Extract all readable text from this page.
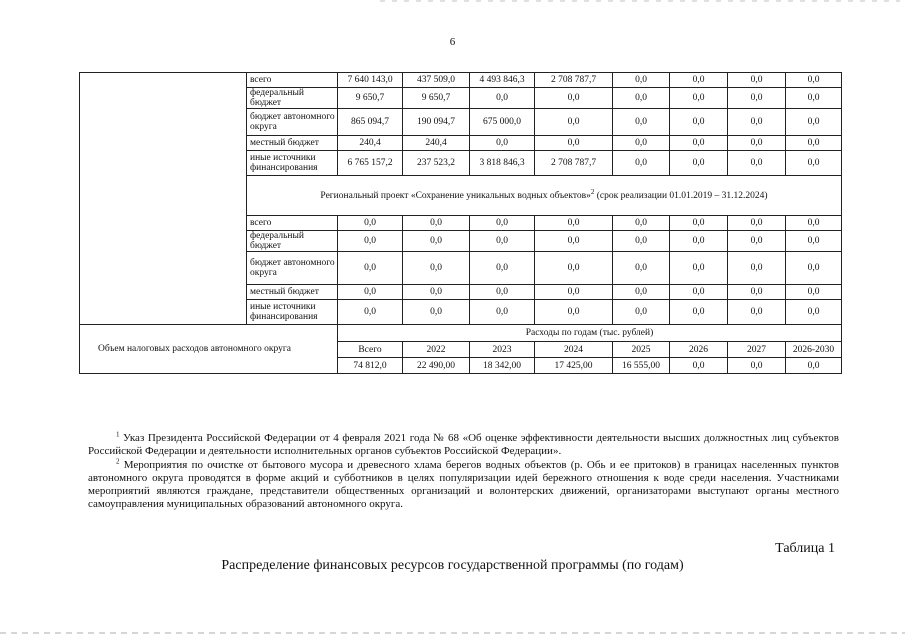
6
	всего	7 640 143,0	437 509,0	4 493 846,3	2 708 787,7	0,0	0,0	0,0	0,0
	федеральный бюджет	9 650,7	9 650,7	0,0	0,0	0,0	0,0	0,0	0,0
	бюджет автономного округа	865 094,7	190 094,7	675 000,0	0,0	0,0	0,0	0,0	0,0
	местный бюджет	240,4	240,4	0,0	0,0	0,0	0,0	0,0	0,0
	иные источники финансирования	6 765 157,2	237 523,2	3 818 846,3	2 708 787,7	0,0	0,0	0,0	0,0
	Региональный проект «Сохранение уникальных водных объектов»$^2$ (срок реализации 01.01.2019 – 31.12.2024)								
	всего	0,0	0,0	0,0	0,0	0,0	0,0	0,0	0,0
	федеральный бюджет	0,0	0,0	0,0	0,0	0,0	0,0	0,0	0,0
	бюджет автономного округа	0,0	0,0	0,0	0,0	0,0	0,0	0,0	0,0
	местный бюджет	0,0	0,0	0,0	0,0	0,0	0,0	0,0	0,0
	иные источники финансирования	0,0	0,0	0,0	0,0	0,0	0,0	0,0	0,0
Объем налоговых расходов автономного округа		Расходы по годам (тыс. рублей)							
		Всего	2022	2023	2024	2025	2026	2027	2026-2030
		74 812,0	22 490,00	18 342,00	17 425,00	16 555,00	0,0	0,0	0,0

$^1$ Указ Президента Российской Федерации от 4 февраля 2021 года № 68 «Об оценке эффективности деятельности высших должностных лиц субъектов Российской Федерации и деятельности исполнительных органов субъектов Российской Федерации».

$^2$ Мероприятия по очистке от бытового мусора и древесного хлама берегов водных объектов (р. Обь и ее притоков) в границах населенных пунктов автономного округа проводятся в форме акций и субботников в целях популяризации идей бережного отношения к воде среди населения. Участниками мероприятий являются граждане, представители общественных организаций и волонтерских движений, организаторами выступают органы местного самоуправления муниципальных образований автономного округа.

Таблица 1
Распределение финансовых ресурсов государственной программы (по годам)
